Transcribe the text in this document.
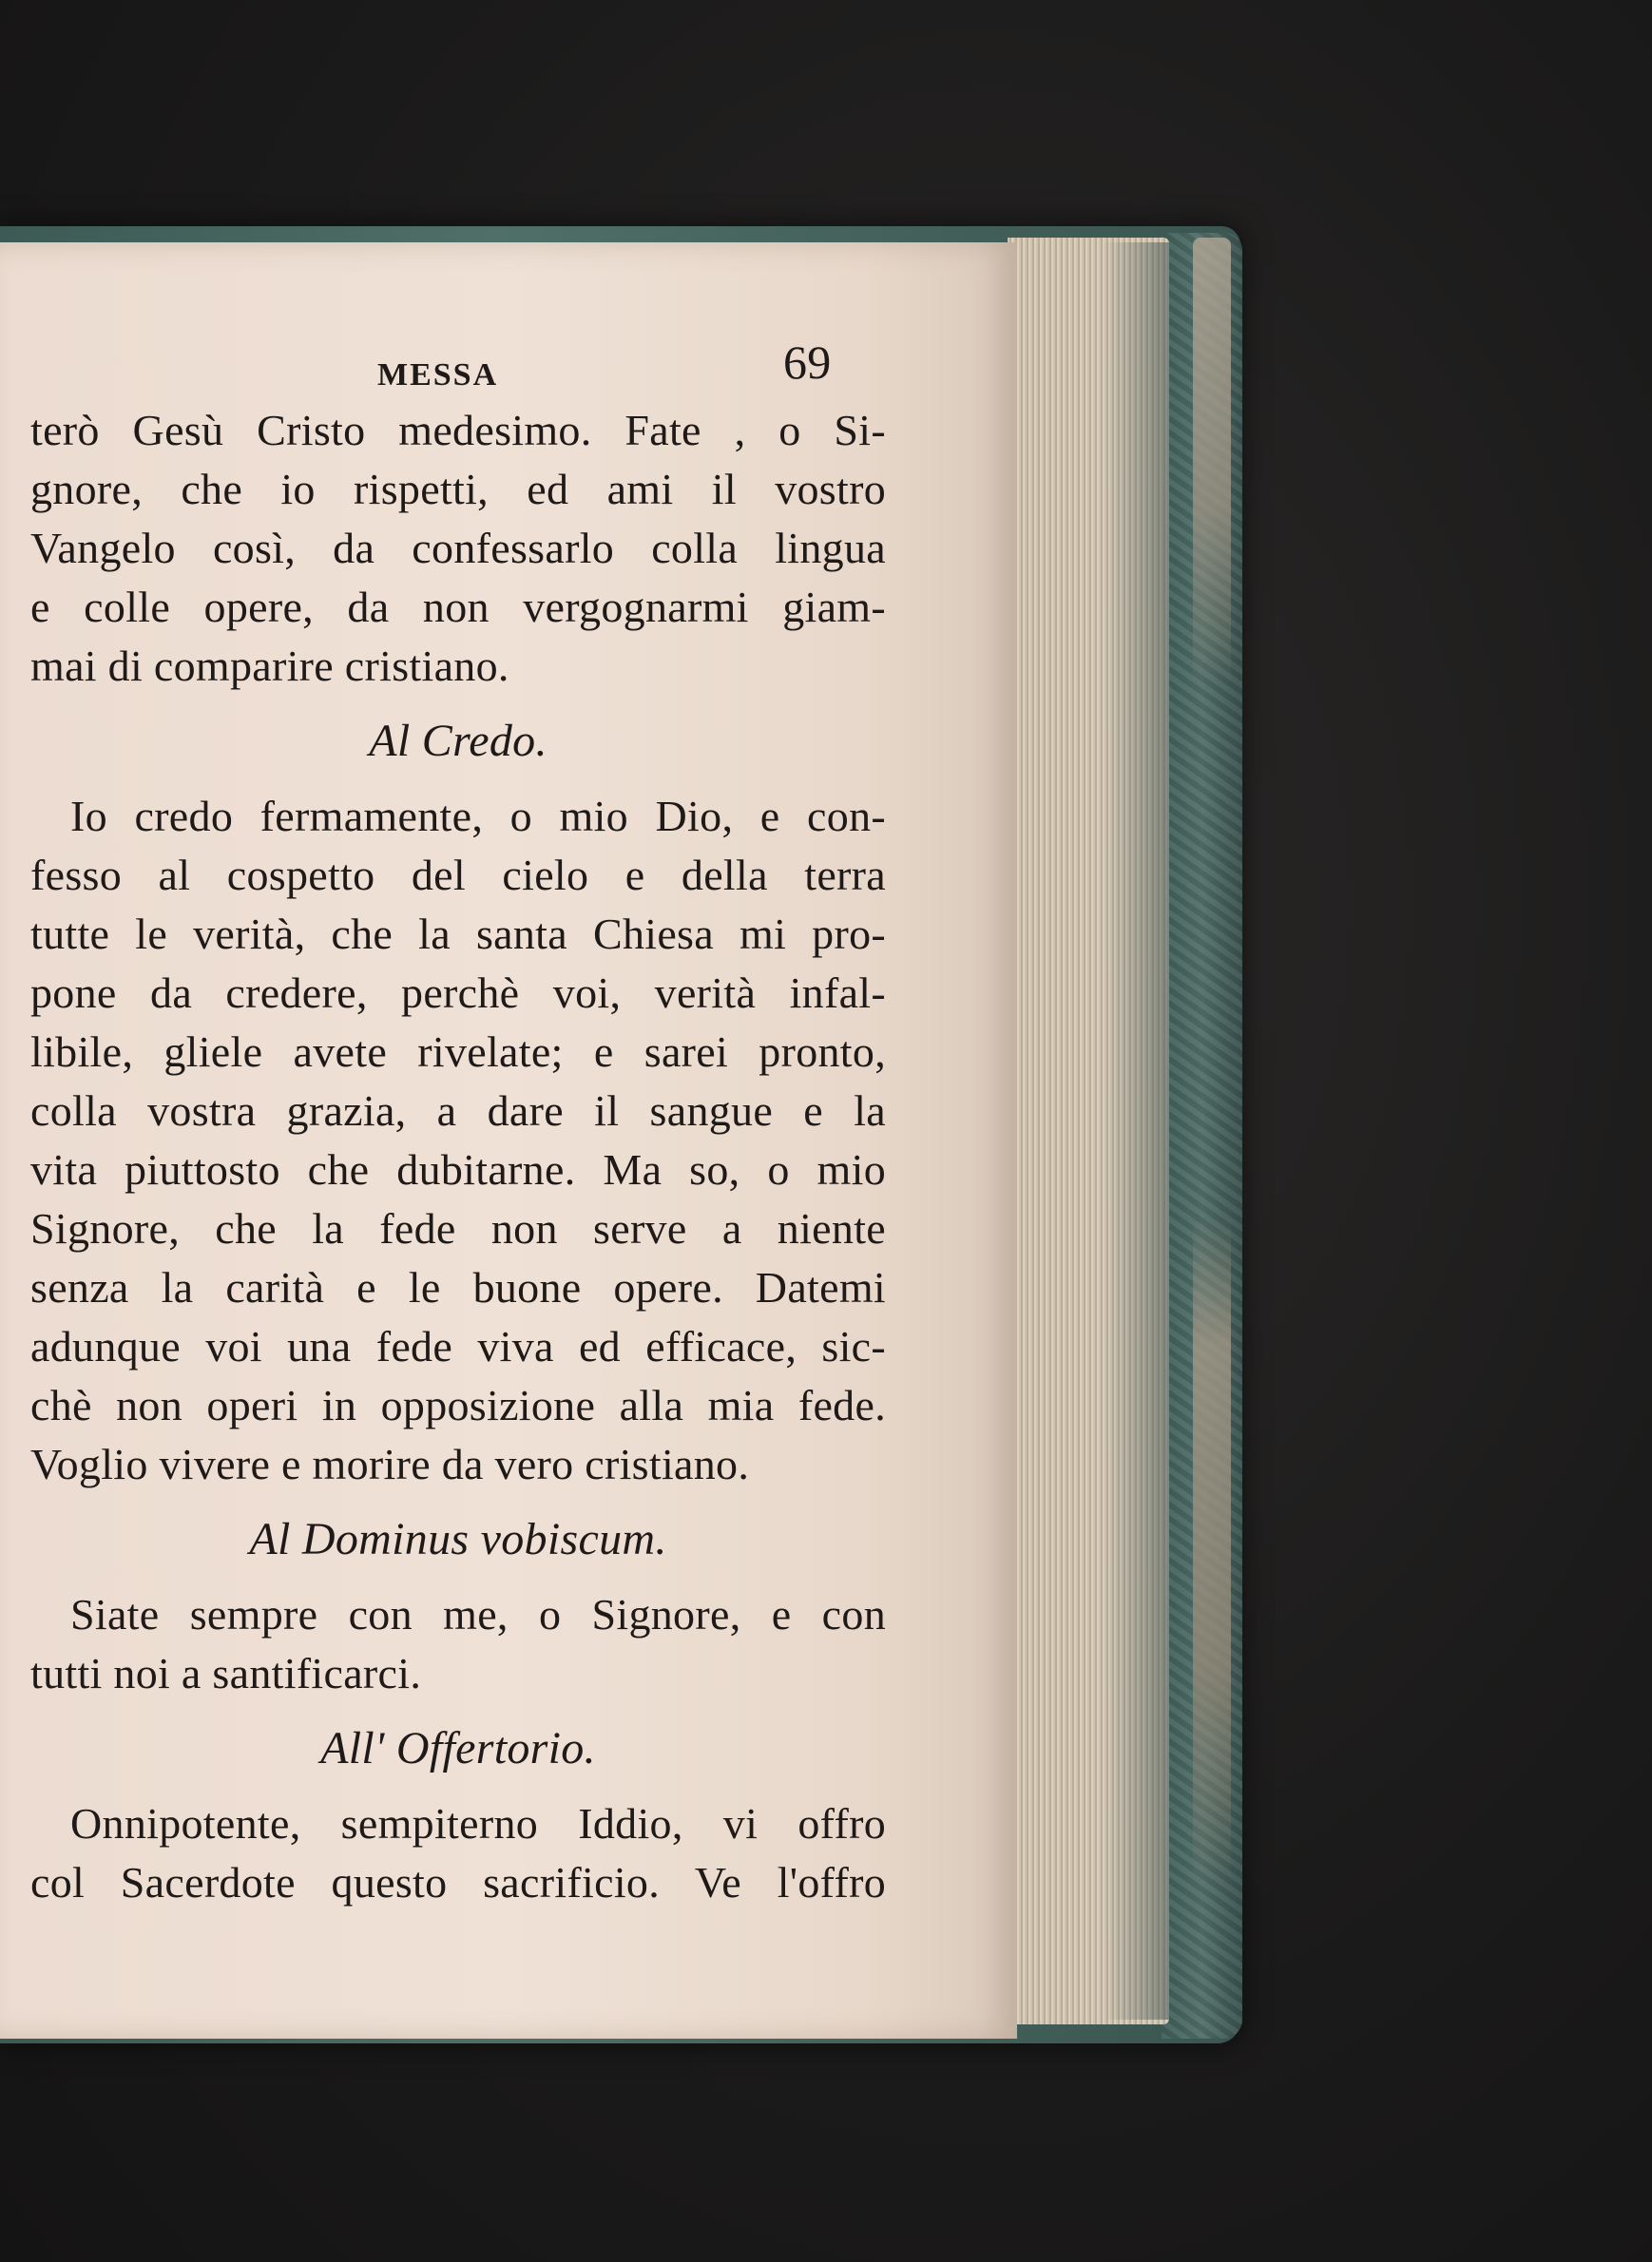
MESSA	69
terò Gesù Cristo medesimo. Fate , o Si-
gnore, che io rispetti, ed ami il vostro
Vangelo così, da confessarlo colla lingua
e colle opere, da non vergognarmi giam-
mai di comparire cristiano.
Al Credo.
Io credo fermamente, o mio Dio, e con-
fesso al cospetto del cielo e della terra
tutte le verità, che la santa Chiesa mi pro-
pone da credere, perchè voi, verità infal-
libile, gliele avete rivelate; e sarei pronto,
colla vostra grazia, a dare il sangue e la
vita piuttosto che dubitarne. Ma so, o mio
Signore, che la fede non serve a niente
senza la carità e le buone opere. Datemi
adunque voi una fede viva ed efficace, sic-
chè non operi in opposizione alla mia fede.
Voglio vivere e morire da vero cristiano.
Al Dominus vobiscum.
Siate sempre con me, o Signore, e con
tutti noi a santificarci.
All' Offertorio.
Onnipotente, sempiterno Iddio, vi offro
col Sacerdote questo sacrificio. Ve l'offro
